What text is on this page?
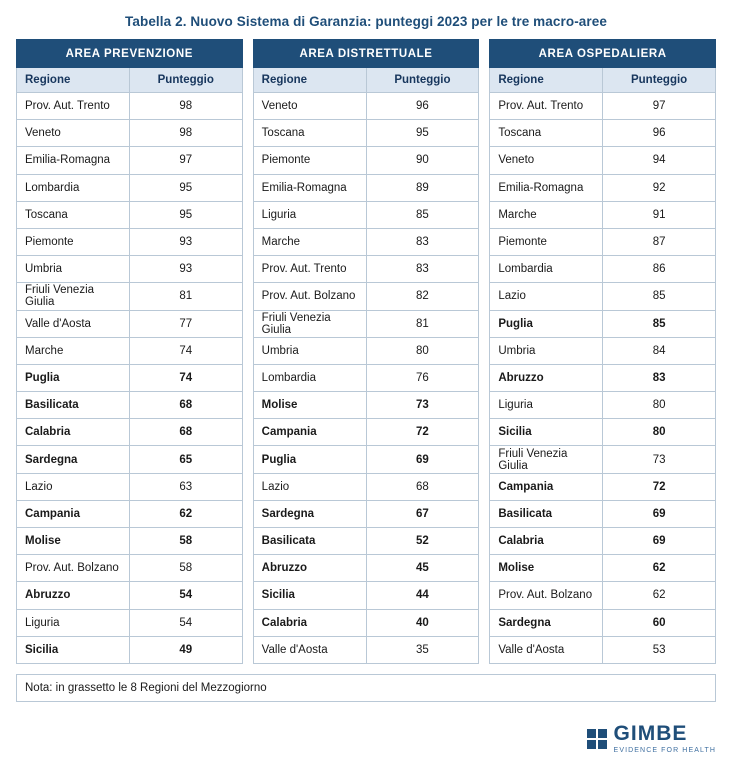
Tabella 2. Nuovo Sistema di Garanzia: punteggi 2023 per le tre macro-aree
AREA PREVENZIONE	
Regione	Punteggio
Prov. Aut. Trento	98
Veneto	98
Emilia-Romagna	97
Lombardia	95
Toscana	95
Piemonte	93
Umbria	93
Friuli Venezia Giulia	81
Valle d'Aosta	77
Marche	74
Puglia	74
Basilicata	68
Calabria	68
Sardegna	65
Lazio	63
Campania	62
Molise	58
Prov. Aut. Bolzano	58
Abruzzo	54
Liguria	54
Sicilia	49
AREA DISTRETTUALE	
Regione	Punteggio
Veneto	96
Toscana	95
Piemonte	90
Emilia-Romagna	89
Liguria	85
Marche	83
Prov. Aut. Trento	83
Prov. Aut. Bolzano	82
Friuli Venezia Giulia	81
Umbria	80
Lombardia	76
Molise	73
Campania	72
Puglia	69
Lazio	68
Sardegna	67
Basilicata	52
Abruzzo	45
Sicilia	44
Calabria	40
Valle d'Aosta	35
AREA OSPEDALIERA	
Regione	Punteggio
Prov. Aut. Trento	97
Toscana	96
Veneto	94
Emilia-Romagna	92
Marche	91
Piemonte	87
Lombardia	86
Lazio	85
Puglia	85
Umbria	84
Abruzzo	83
Liguria	80
Sicilia	80
Friuli Venezia Giulia	73
Campania	72
Basilicata	69
Calabria	69
Molise	62
Prov. Aut. Bolzano	62
Sardegna	60
Valle d'Aosta	53
Nota: in grassetto le 8 Regioni del Mezzogiorno
GIMBE
EVIDENCE FOR HEALTH
